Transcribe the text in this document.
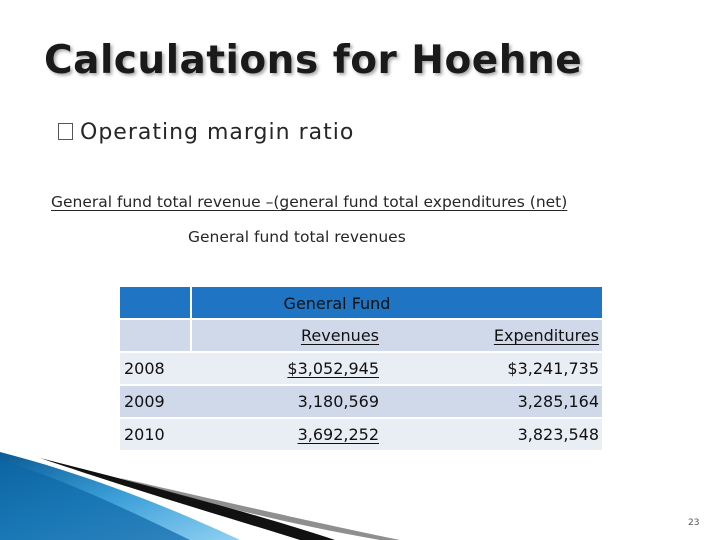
Calculations for Hoehne
Operating margin ratio
General fund total revenue –(general fund total expenditures (net)
General fund total revenues
General Fund
Revenues	Expenditures
2008	$3,052,945	$3,241,735
2009	3,180,569	3,285,164
2010	3,692,252	3,823,548
23
